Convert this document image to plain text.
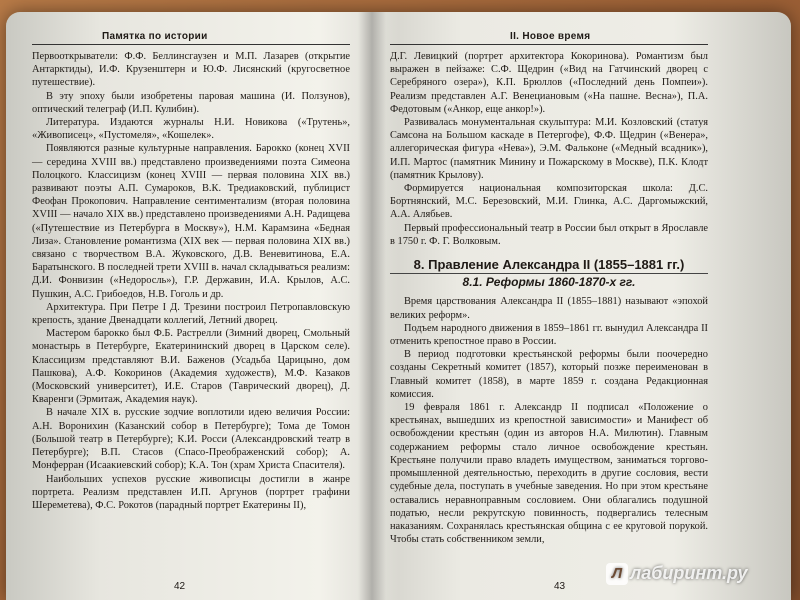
Памятка по истории

Первооткрыватели: Ф.Ф. Беллинсгаузен и М.П. Лазарев (открытие Антарктиды), И.Ф. Крузенштерн и Ю.Ф. Лисянский (кругосветное путешествие).

В эту эпоху были изобретены паровая машина (И. Ползунов), оптический телеграф (И.П. Кулибин).

Литература. Издаются журналы Н.И. Новикова («Трутень», «Живописец», «Пустомеля», «Кошелек».

Появляются разные культурные направления. Барокко (конец XVII — середина XVIII вв.) представлено произведениями поэта Симеона Полоцкого. Классицизм (конец XVIII — первая половина XIX вв.) развивают поэты А.П. Сумароков, В.К. Тредиаковский, публицист Феофан Прокопович. Направление сентиментализм (вторая половина XVIII — начало XIX вв.) представлено произведениями А.Н. Радищева («Путешествие из Петербурга в Москву»), Н.М. Карамзина «Бедная Лиза». Становление романтизма (XIX век — первая половина XIX вв.) связано с творчеством В.А. Жуковского, Д.В. Веневитинова, Е.А. Баратынского. В последней трети XVIII в. начал складываться реализм: Д.И. Фонвизин («Недоросль»), Г.Р. Державин, И.А. Крылов, А.С. Пушкин, А.С. Грибоедов, Н.В. Гоголь и др.

Архитектура. При Петре I Д. Трезини построил Петропавловскую крепость, здание Двенадцати коллегий, Летний дворец.

Мастером барокко был Ф.Б. Растрелли (Зимний дворец, Смольный монастырь в Петербурге, Екатерининский дворец в Царском селе). Классицизм представляют В.И. Баженов (Усадьба Царицыно, дом Пашкова), А.Ф. Кокоринов (Академия художеств), М.Ф. Казаков (Московский университет), И.Е. Старов (Таврический дворец), Д. Кваренги (Эрмитаж, Академия наук).

В начале XIX в. русские зодчие воплотили идею величия России: А.Н. Воронихин (Казанский собор в Петербурге); Тома де Томон (Большой театр в Петербурге); К.И. Росси (Александровский театр в Петербурге); В.П. Стасов (Спасо-Преображенский собор); А. Монферран (Исаакиевский собор); К.А. Тон (храм Христа Спасителя).

Наибольших успехов русские живописцы достигли в жанре портрета. Реализм представлен И.П. Аргунов (портрет графини Шереметева), Ф.С. Рокотов (парадный портрет Екатерины II),

II. Новое время

Д.Г. Левицкий (портрет архитектора Кокоринова). Романтизм был выражен в пейзаже: С.Ф. Щедрин («Вид на Гатчинский дворец с Серебряного озера»), К.П. Брюллов («Последний день Помпеи»). Реализм представлен А.Г. Венециановым («На пашне. Весна»), П.А. Федотовым («Анкор, еще анкор!»).

Развивалась монументальная скульптура: М.И. Козловский (статуя Самсона на Большом каскаде в Петергофе), Ф.Ф. Щедрин («Венера», аллегорическая фигура «Нева»), Э.М. Фальконе («Медный всадник»), И.П. Мартос (памятник Минину и Пожарскому в Москве), П.К. Клодт (памятник Крылову).

Формируется национальная композиторская школа: Д.С. Бортнянский, М.С. Березовский, М.И. Глинка, А.С. Даргомыжский, А.А. Алябьев.

Первый профессиональный театр в России был открыт в Ярославле в 1750 г. Ф. Г. Волковым.

8. Правление Александра II (1855–1881 гг.)
8.1. Реформы 1860-1870-х гг.

Время царствования Александра II (1855–1881) называют «эпохой великих реформ».

Подъем народного движения в 1859–1861 гг. вынудил Александра II отменить крепостное право в России.

В период подготовки крестьянской реформы были поочередно созданы Секретный комитет (1857), который позже переименован в Главный комитет (1858), в марте 1859 г. создана Редакционная комиссия.

19 февраля 1861 г. Александр II подписал «Положение о крестьянах, вышедших из крепостной зависимости» и Манифест об освобождении крестьян (один из авторов Н.А. Милютин). Главным содержанием реформы стало личное освобождение крестьян. Крестьяне получили право владеть имуществом, заниматься торгово-промышленной деятельностью, переходить в другие сословия, вести судебные дела, поступать в учебные заведения. Но при этом крестьяне оставались неравноправным сословием. Они облагались подушной податью, несли рекрутскую повинность, подвергались телесным наказаниям. Сохранялась крестьянская община с ее круговой порукой. Чтобы стать собственником земли,

42	43
Л лабиринт.ру
